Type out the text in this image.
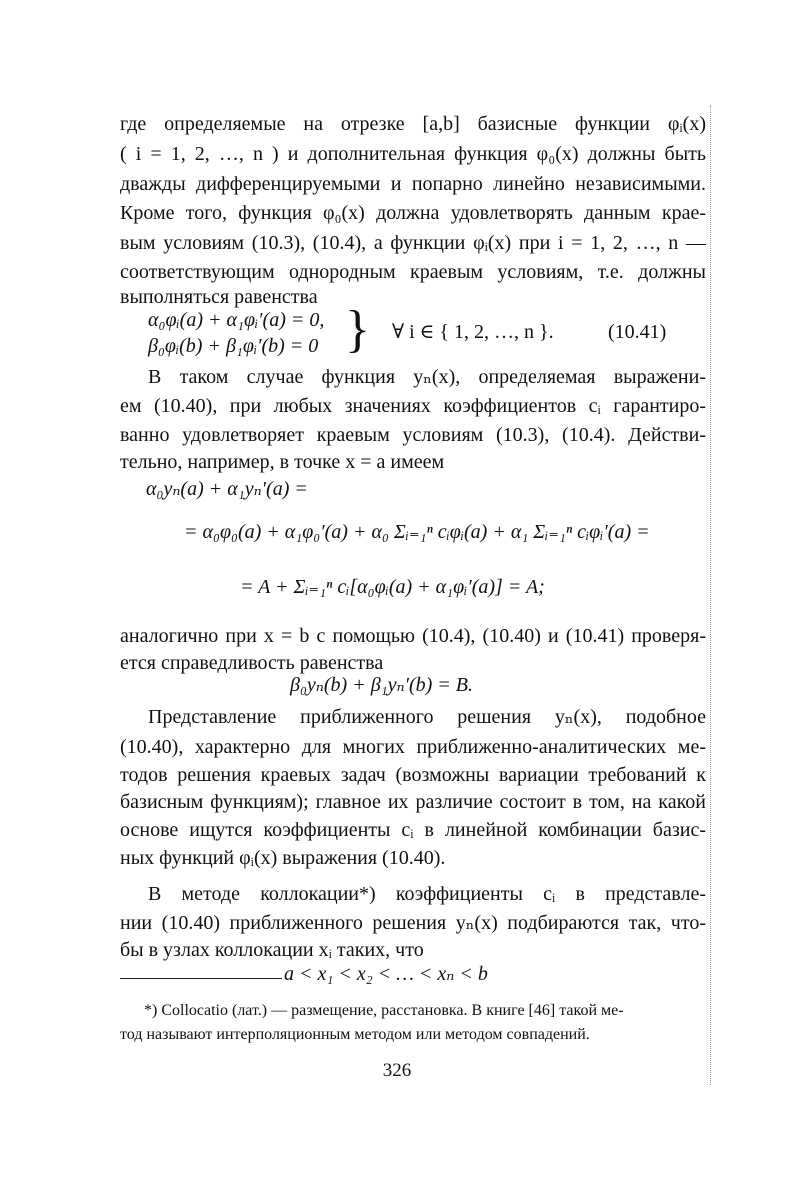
где определяемые на отрезке [a,b] базисные функции φᵢ(x)
( i = 1, 2, …, n ) и дополнительная функция φ₀(x) должны быть
дважды дифференцируемыми и попарно линейно независимыми.
Кроме того, функция φ₀(x) должна удовлетворять данным крае-
вым условиям (10.3), (10.4), а функции φᵢ(x) при i = 1, 2, …, n —
соответствующим однородным краевым условиям, т.е. должны
выполняться равенства
α₀φᵢ(a) + α₁φᵢ′(a) = 0,
β₀φᵢ(b) + β₁φᵢ′(b) = 0 } ∀ i ∈ { 1, 2, …, n }.	(10.41)
В таком случае функция yₙ(x), определяемая выражени-
ем (10.40), при любых значениях коэффициентов cᵢ гарантиро-
ванно удовлетворяет краевым условиям (10.3), (10.4). Действи-
тельно, например, в точке x = a имеем
α₀yₙ(a) + α₁yₙ′(a) =
= α₀φ₀(a) + α₁φ₀′(a) + α₀ Σᵢ₌₁ⁿ cᵢφᵢ(a) + α₁ Σᵢ₌₁ⁿ cᵢφᵢ′(a) =
= A + Σᵢ₌₁ⁿ cᵢ[α₀φᵢ(a) + α₁φᵢ′(a)] = A;
аналогично при x = b с помощью (10.4), (10.40) и (10.41) проверя-
ется справедливость равенства
β₀yₙ(b) + β₁yₙ′(b) = B.
Представление приближенного решения yₙ(x), подобное
(10.40), характерно для многих приближенно-аналитических ме-
тодов решения краевых задач (возможны вариации требований к
базисным функциям); главное их различие состоит в том, на какой
основе ищутся коэффициенты cᵢ в линейной комбинации базис-
ных функций φᵢ(x) выражения (10.40).
В методе коллокации*) коэффициенты cᵢ в представле-
нии (10.40) приближенного решения yₙ(x) подбираются так, что-
бы в узлах коллокации xᵢ таких, что
a < x₁ < x₂ < … < xₙ < b
*) Collocatio (лат.) — размещение, расстановка. В книге [46] такой ме-
тод называют интерполяционным методом или методом совпадений.
326
